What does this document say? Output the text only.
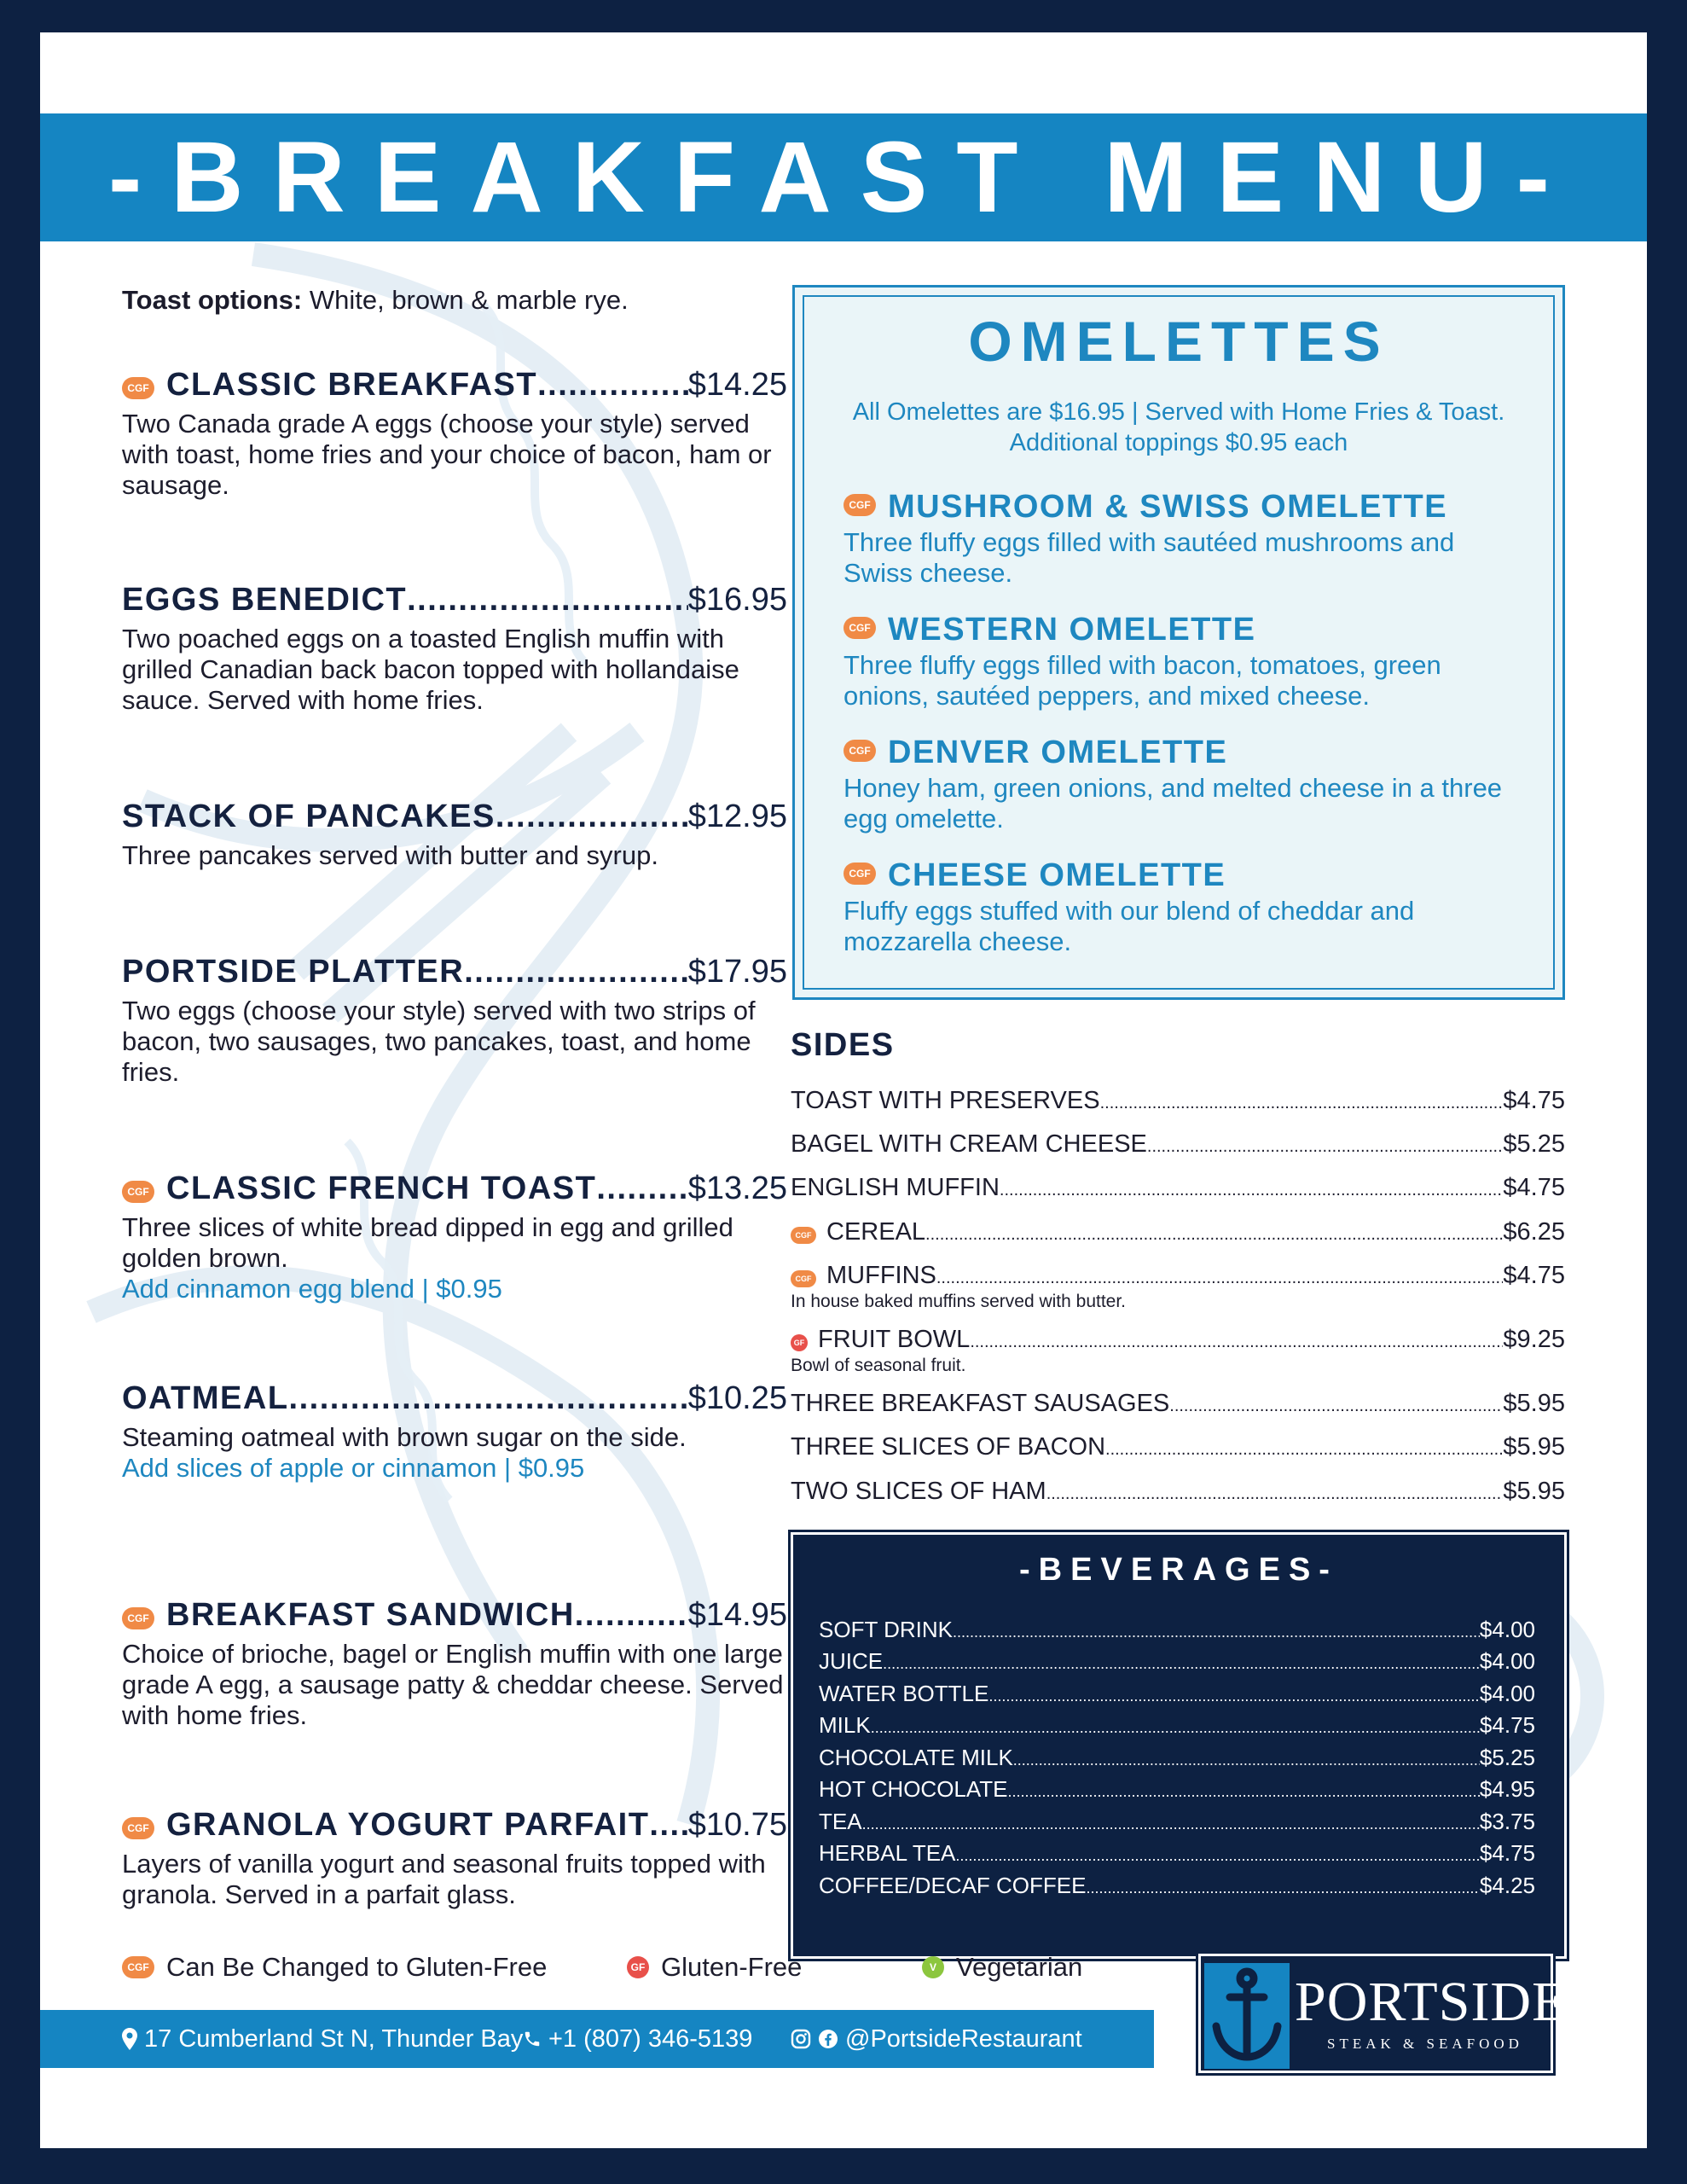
-BREAKFAST MENU-
Toast options: White, brown & marble rye.
CGF CLASSIC BREAKFAST .....	$14.25
Two Canada grade A eggs (choose your style) served with toast, home fries and your choice of bacon, ham or sausage.
EGGS BENEDICT .....	$16.95
Two poached eggs on a toasted English muffin with grilled Canadian back bacon topped with hollandaise sauce. Served with home fries.
STACK OF PANCAKES .....	$12.95
Three pancakes served with butter and syrup.
PORTSIDE PLATTER .....	$17.95
Two eggs (choose your style) served with two strips of bacon, two sausages, two pancakes, toast, and home fries.
CGF CLASSIC FRENCH TOAST .....	$13.25
Three slices of white bread dipped in egg and grilled golden brown.
Add cinnamon egg blend | $0.95
OATMEAL .....	$10.25
Steaming oatmeal with brown sugar on the side.
Add slices of apple or cinnamon | $0.95
CGF BREAKFAST SANDWICH .....	$14.95
Choice of brioche, bagel or English muffin with one large grade A egg, a sausage patty & cheddar cheese. Served with home fries.
CGF GRANOLA YOGURT PARFAIT ..... $10.75
Layers of vanilla yogurt and seasonal fruits topped with granola. Served in a parfait glass.
OMELETTES
All Omelettes are $16.95 | Served with Home Fries & Toast.
Additional toppings $0.95 each
CGF MUSHROOM & SWISS OMELETTE
Three fluffy eggs filled with sautéed mushrooms and Swiss cheese.
CGF WESTERN OMELETTE
Three fluffy eggs filled with bacon, tomatoes, green onions, sautéed peppers, and mixed cheese.
CGF DENVER OMELETTE
Honey ham, green onions, and melted cheese in a three egg omelette.
CGF CHEESE OMELETTE
Fluffy eggs stuffed with our blend of cheddar and mozzarella cheese.
SIDES
TOAST WITH PRESERVES .....	$4.75
BAGEL WITH CREAM CHEESE .....	$5.25
ENGLISH MUFFIN .....	$4.75
CGF CEREAL .....	$6.25
CGF MUFFINS .....	$4.75
In house baked muffins served with butter.
GF FRUIT BOWL .....	$9.25
Bowl of seasonal fruit.
THREE BREAKFAST SAUSAGES .....	$5.95
THREE SLICES OF BACON .....	$5.95
TWO SLICES OF HAM .....	$5.95
-BEVERAGES-
SOFT DRINK .....	$4.00
JUICE .....	$4.00
WATER BOTTLE .....	$4.00
MILK .....	$4.75
CHOCOLATE MILK .....	$5.25
HOT CHOCOLATE .....	$4.95
TEA .....	$3.75
HERBAL TEA .....	$4.75
COFFEE/DECAF COFFEE .....	$4.25
CGF Can Be Changed to Gluten-Free	GF Gluten-Free	V Vegetarian
17 Cumberland St N, Thunder Bay +1 (807) 346-5139	@PortsideRestaurant
PORTSIDE
STEAK & SEAFOOD
